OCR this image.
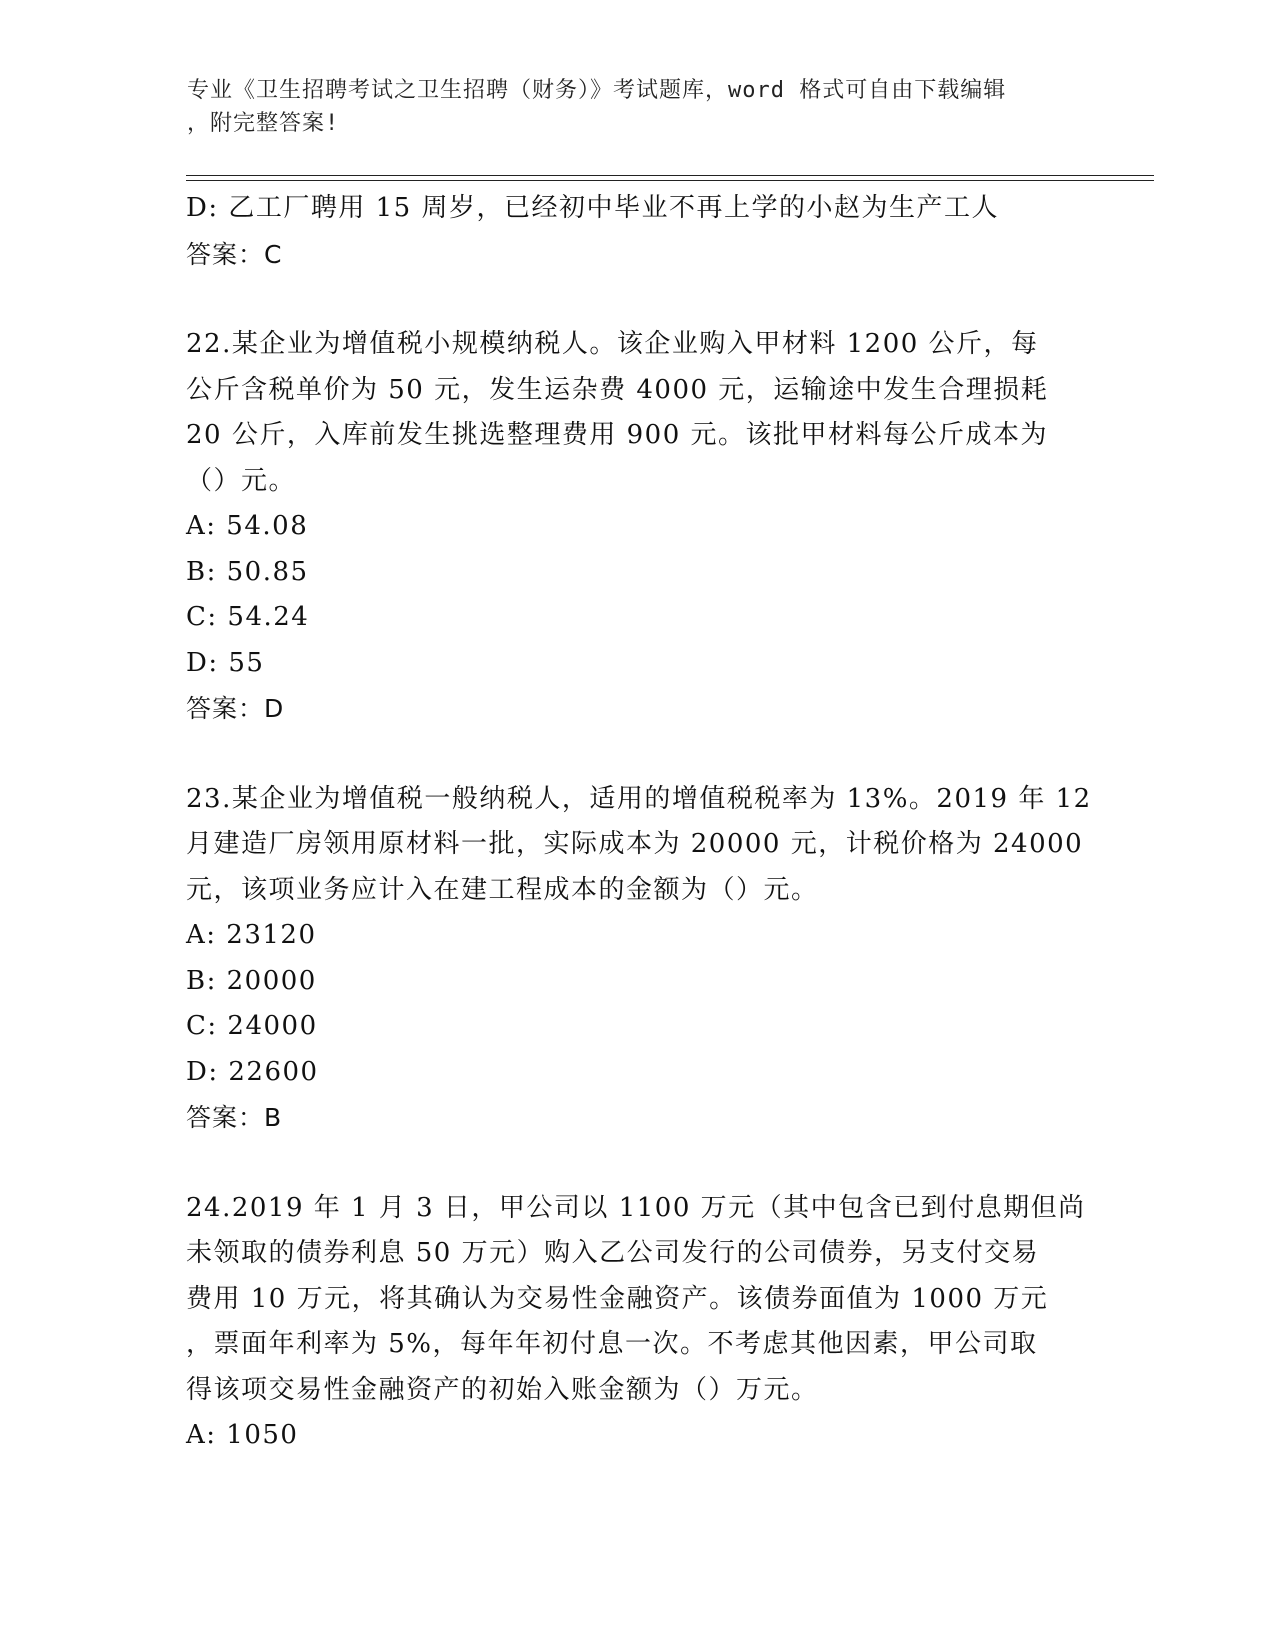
专业《卫生招聘考试之卫生招聘（财务）》考试题库，word 格式可自由下载编辑
，附完整答案!
D: 乙工厂聘用 15 周岁，已经初中毕业不再上学的小赵为生产工人
答案：C
22.某企业为增值税小规模纳税人。该企业购入甲材料 1200 公斤，每
公斤含税单价为 50 元，发生运杂费 4000 元，运输途中发生合理损耗
20 公斤，入库前发生挑选整理费用 900 元。该批甲材料每公斤成本为
（）元。
A: 54.08
B: 50.85
C: 54.24
D: 55
答案：D
23.某企业为增值税一般纳税人，适用的增值税税率为 13%。2019 年 12
月建造厂房领用原材料一批，实际成本为 20000 元，计税价格为 24000
元，该项业务应计入在建工程成本的金额为（）元。
A: 23120
B: 20000
C: 24000
D: 22600
答案：B
24.2019 年 1 月 3 日，甲公司以 1100 万元（其中包含已到付息期但尚
未领取的债券利息 50 万元）购入乙公司发行的公司债券，另支付交易
费用 10 万元，将其确认为交易性金融资产。该债券面值为 1000 万元
，票面年利率为 5%，每年年初付息一次。不考虑其他因素，甲公司取
得该项交易性金融资产的初始入账金额为（）万元。
A: 1050
